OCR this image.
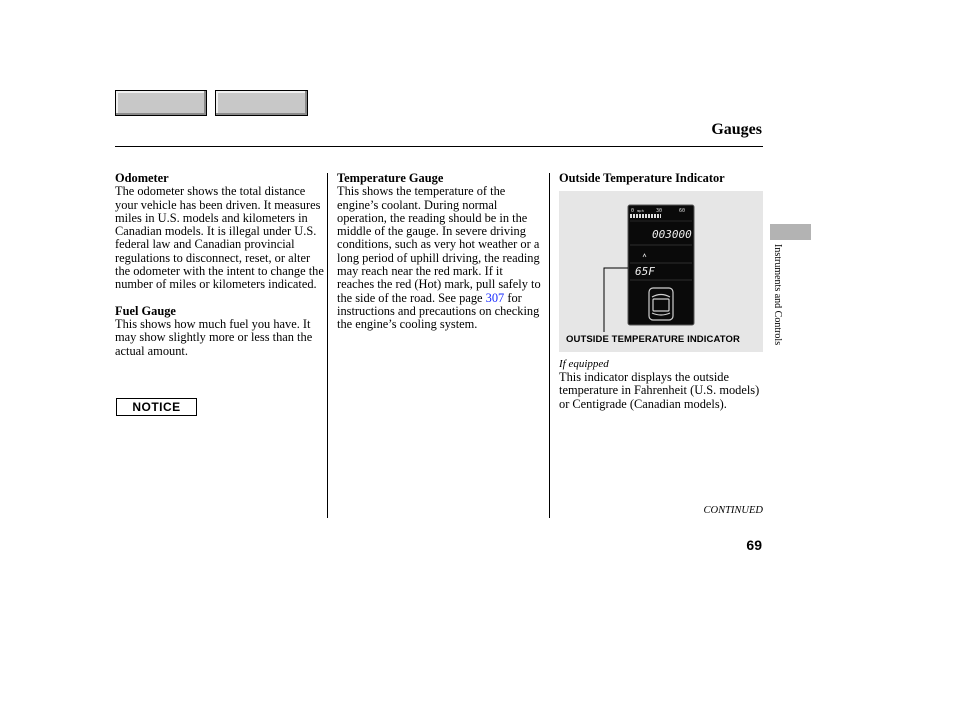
Gauges
Odometer

The odometer shows the total distance your vehicle has been driven. It measures miles in U.S. models and kilometers in Canadian models. It is illegal under U.S. federal law and Canadian provincial regulations to disconnect, reset, or alter the odometer with the intent to change the number of miles or kilometers indicated.

Fuel Gauge

This shows how much fuel you have. It may show slightly more or less than the actual amount.

NOTICE
Temperature Gauge

This shows the temperature of the engine’s coolant. During normal operation, the reading should be in the middle of the gauge. In severe driving conditions, such as very hot weather or a long period of uphill driving, the reading may reach near the red mark. If it reaches the red (Hot) mark, pull safely to the side of the road. See page 307 for instructions and precautions on checking the engine’s cooling system.

Outside Temperature Indicator
0 mph 30	60
003000
65F
OUTSIDE TEMPERATURE INDICATOR
If equipped
This indicator displays the outside temperature in Fahrenheit (U.S. models) or Centigrade (Canadian models).
CONTINUED
69
Instruments and Controls
